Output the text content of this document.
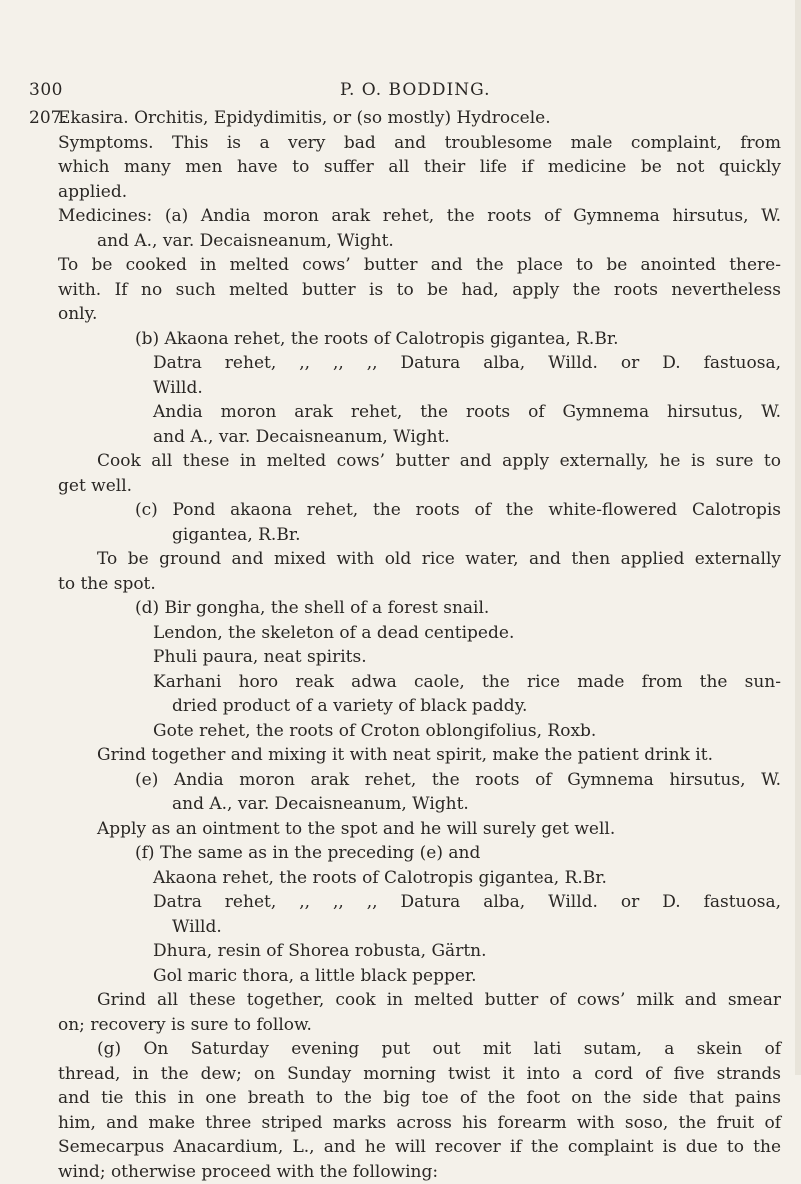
300	P. O. BODDING.
207.Ekasira. Orchitis, Epidydimitis, or (so mostly) Hydrocele.
Symptoms. This is a very bad and troublesome male complaint, from
which many men have to suffer all their life if medicine be not quickly
applied.
Medicines: (a) Andia moron arak rehet, the roots of Gymnema hirsutus, W.
and A., var. Decaisneanum, Wight.
To be cooked in melted cows’ butter and the place to be anointed there-
with. If no such melted butter is to be had, apply the roots nevertheless
only.
(b) Akaona rehet, the roots of Calotropis gigantea, R.Br.
Datra rehet, ,, ,, ,, Datura alba, Willd. or D. fastuosa,
Willd.
Andia moron arak rehet, the roots of Gymnema hirsutus, W.
and A., var. Decaisneanum, Wight.
Cook all these in melted cows’ butter and apply externally, he is sure to
get well.
(c) Pond akaona rehet, the roots of the white-flowered Calotropis
gigantea, R.Br.
To be ground and mixed with old rice water, and then applied externally
to the spot.
(d) Bir gongha, the shell of a forest snail.
Lendon, the skeleton of a dead centipede.
Phuli paura, neat spirits.
Karhani horo reak adwa caole, the rice made from the sun-
dried product of a variety of black paddy.
Gote rehet, the roots of Croton oblongifolius, Roxb.
Grind together and mixing it with neat spirit, make the patient drink it.
(e) Andia moron arak rehet, the roots of Gymnema hirsutus, W.
and A., var. Decaisneanum, Wight.
Apply as an ointment to the spot and he will surely get well.
(f) The same as in the preceding (e) and
Akaona rehet, the roots of Calotropis gigantea, R.Br.
Datra rehet, ,, ,, ,, Datura alba, Willd. or D. fastuosa,
Willd.
Dhura, resin of Shorea robusta, Gärtn.
Gol maric thora, a little black pepper.
Grind all these together, cook in melted butter of cows’ milk and smear
on; recovery is sure to follow.
(g) On Saturday evening put out mit lati sutam, a skein of
thread, in the dew; on Sunday morning twist it into a cord of five strands
and tie this in one breath to the big toe of the foot on the side that pains
him, and make three striped marks across his forearm with soso, the fruit of
Semecarpus Anacardium, L., and he will recover if the complaint is due to the
wind; otherwise proceed with the following:
